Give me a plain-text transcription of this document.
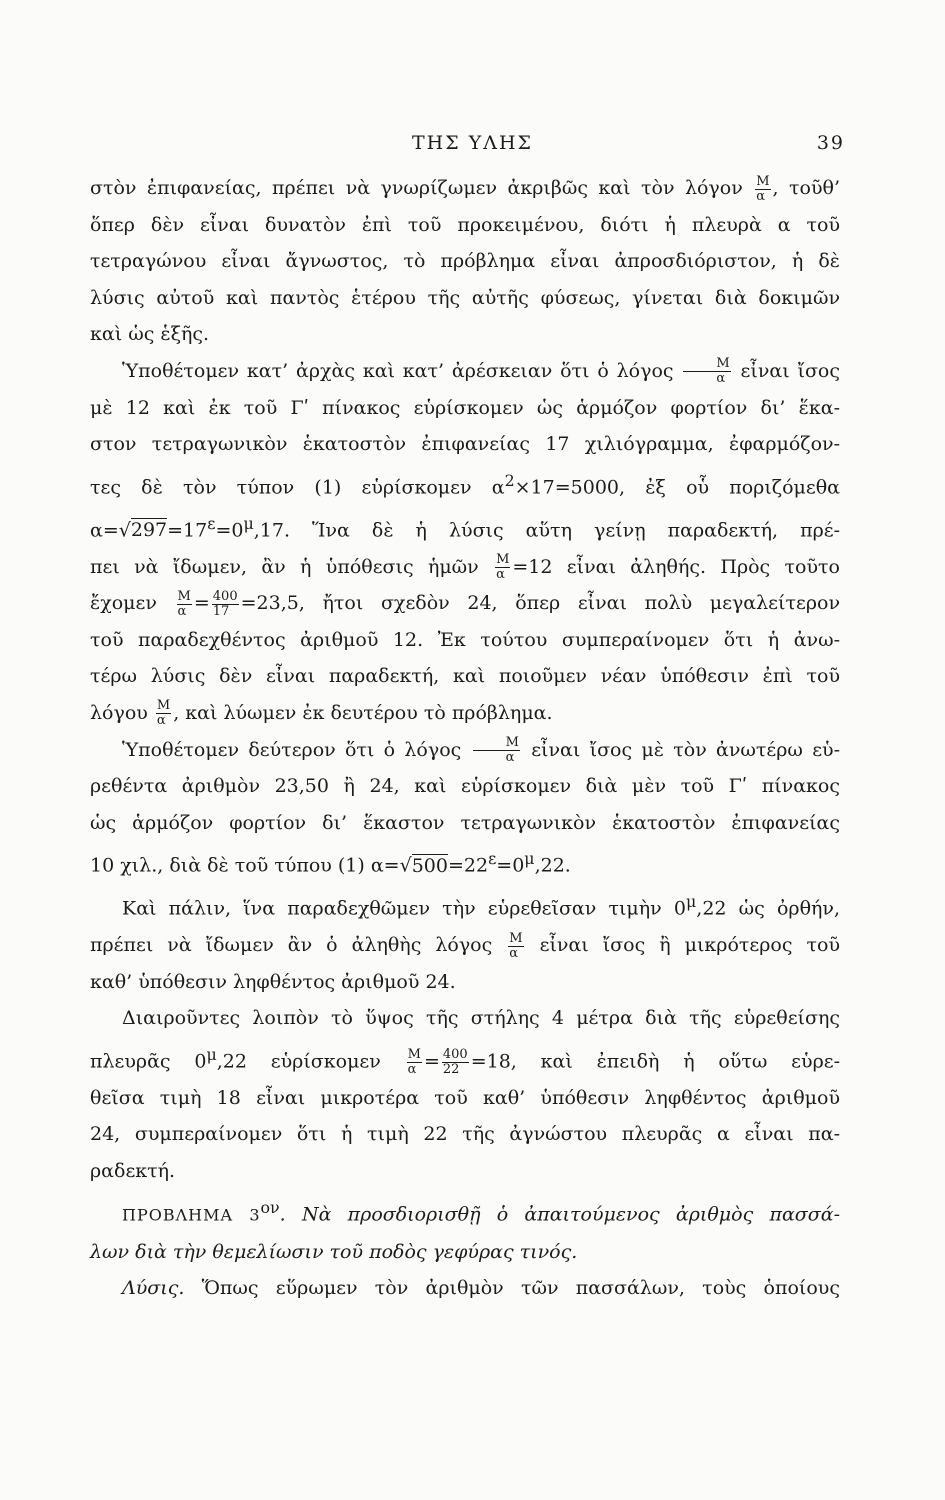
ΤΗΣ ΥΛΗΣ	39

στὸν ἐπιφανείας, πρέπει νὰ γνωρίζωμεν ἀκριβῶς καὶ τὸν λόγον $\frac{M}{\alpha}$ , τοῦθ’

ὅπερ δὲν εἶναι δυνατὸν ἐπὶ τοῦ προκειμένου, διότι ἡ πλευρὰ α τοῦ

τετραγώνου εἶναι ἄγνωστος, τὸ πρόβλημα εἶναι ἀπροσδιόριστον, ἡ δὲ

λύσις αὐτοῦ καὶ παντὸς ἑτέρου τῆς αὐτῆς φύσεως, γίνεται διὰ δοκιμῶν

καὶ ὡς ἑξῆς.

Ὑποθέτομεν κατ’ ἀρχὰς καὶ κατ’ ἀρέσκειαν ὅτι ὁ λόγος $\frac{M}{\alpha}$ εἶναι ἴσος

μὲ 12 καὶ ἐκ τοῦ Γʹ πίνακος εὑρίσκομεν ὡς ἁρμόζον φορτίον δι’ ἕκα-

στον τετραγωνικὸν ἑκατοστὸν ἐπιφανείας 17 χιλιόγραμμα, ἐφαρμόζον-

τες δὲ τὸν τύπον (1) εὑρίσκομεν $\alpha^2\times 17=5000$, ἐξ οὗ ποριζόμεθα

$\alpha=√297=17^\varepsilon=0^\mu,17$. Ἵνα δὲ ἡ λύσις αὕτη γείνῃ παραδεκτή, πρέ-

πει νὰ ἴδωμεν, ἂν ἡ ὑπόθεσις ἡμῶν $\frac{M}{\alpha} =12$ εἶναι ἀληθής. Πρὸς τοῦτο

ἔχομεν $\frac{M}{\alpha} = \frac{400}{17} =23,5$, ἤτοι σχεδὸν 24, ὅπερ εἶναι πολὺ μεγαλείτερον

τοῦ παραδεχθέντος ἀριθμοῦ 12. Ἐκ τούτου συμπεραίνομεν ὅτι ἡ ἀνω-

τέρω λύσις δὲν εἶναι παραδεκτή, καὶ ποιοῦμεν νέαν ὑπόθεσιν ἐπὶ τοῦ

λόγου $\frac{M}{\alpha}$ , καὶ λύωμεν ἐκ δευτέρου τὸ πρόβλημα.

Ὑποθέτομεν δεύτερον ὅτι ὁ λόγος $\frac{M}{\alpha}$ εἶναι ἴσος μὲ τὸν ἀνωτέρω εὑ-

ρεθέντα ἀριθμὸν 23,50 ἢ 24, καὶ εὑρίσκομεν διὰ μὲν τοῦ Γʹ πίνακος

ὡς ἁρμόζον φορτίον δι’ ἕκαστον τετραγωνικὸν ἑκατοστὸν ἐπιφανείας

10 χιλ., διὰ δὲ τοῦ τύπου (1) $\alpha=√500=22^\varepsilon=0^\mu,22$.

Καὶ πάλιν, ἵνα παραδεχθῶμεν τὴν εὑρεθεῖσαν τιμὴν $0^\mu,22$ ὡς ὀρθήν,

πρέπει νὰ ἴδωμεν ἂν ὁ ἀληθὴς λόγος $\frac{M}{\alpha}$ εἶναι ἴσος ἢ μικρότερος τοῦ

καθ’ ὑπόθεσιν ληφθέντος ἀριθμοῦ 24.

Διαιροῦντες λοιπὸν τὸ ὕψος τῆς στήλης 4 μέτρα διὰ τῆς εὑρεθείσης

πλευρᾶς $0^\mu,22$ εὑρίσκομεν $\frac{M}{\alpha} = \frac{400}{22} =18$, καὶ ἐπειδὴ ἡ οὕτω εὑρε-

θεῖσα τιμὴ 18 εἶναι μικροτέρα τοῦ καθ’ ὑπόθεσιν ληφθέντος ἀριθμοῦ

24, συμπεραίνομεν ὅτι ἡ τιμὴ 22 τῆς ἀγνώστου πλευρᾶς α εἶναι πα-

ραδεκτή.

ΠΡΟΒΛΗΜΑ $3^{o\nu}$. Νὰ προσδιορισθῇ ὁ ἀπαιτούμενος ἀριθμὸς πασσά-

λων διὰ τὴν θεμελίωσιν τοῦ ποδὸς γεφύρας τινός.

Λύσις. Ὅπως εὕρωμεν τὸν ἀριθμὸν τῶν πασσάλων, τοὺς ὁποίους
